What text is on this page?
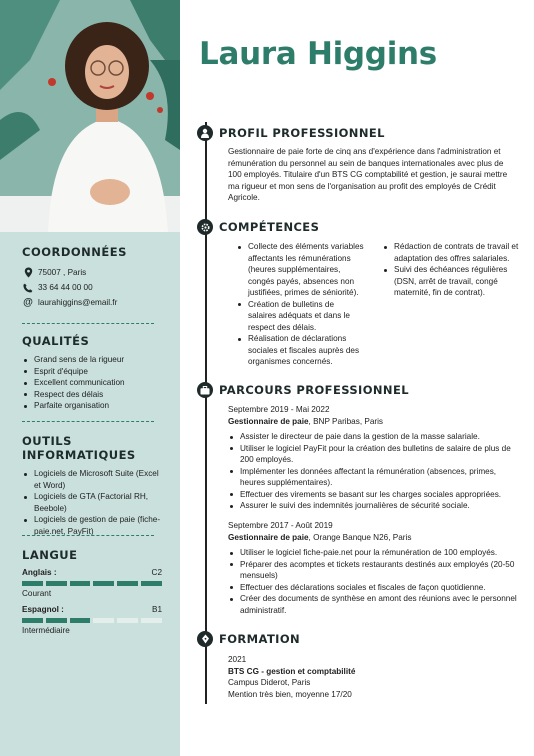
COORDONNÉES

75007 , Paris
33 64 44 00 00
@ laurahiggins@email.fr

QUALITÉS

Grand sens de la rigueur
Esprit d'équipe
Excellent communication
Respect des délais
Parfaite organisation

OUTILS INFORMATIQUES

Logiciels de Microsoft Suite (Excel et Word)
Logiciels de GTA (Factorial RH, Beebole)
Logiciels de gestion de paie (fiche-paie.net, PayFit)

LANGUE

Anglais :	C2
Courant
Espagnol :	B1
Intermédiaire
Laura Higgins
PROFIL PROFESSIONNEL
Gestionnaire de paie forte de cinq ans d'expérience dans l'administration et rémunération du personnel au sein de banques internationales avec plus de 100 employés. Titulaire d'un BTS CG comptabilité et gestion, je saurai mettre ma rigueur et mon sens de l'organisation au profit des employés de Crédit Agricole.
COMPÉTENCES
Collecte des éléments variables affectants les rémunérations (heures supplémentaires, congés payés, absences non justifiées, primes de séniorité).
Création de bulletins de salaires adéquats et dans le respect des délais.
Réalisation de déclarations sociales et fiscales auprès des organismes concernés.
Rédaction de contrats de travail et adaptation des offres salariales.
Suivi des échéances régulières (DSN, arrêt de travail, congé maternité, fin de contrat).
PARCOURS PROFESSIONNEL
Septembre 2019 - Mai 2022
Gestionnaire de paie, BNP Paribas, Paris
Assister le directeur de paie dans la gestion de la masse salariale.
Utiliser le logiciel PayFit pour la création des bulletins de salaire de plus de 200 employés.
Implémenter les données affectant la rémunération (absences, primes, heures supplémentaires).
Effectuer des virements se basant sur les charges sociales appropriées.
Assurer le suivi des indemnités journalières de sécurité sociale.
Septembre 2017 - Août 2019
Gestionnaire de paie, Orange Banque N26, Paris
Utiliser le logiciel fiche-paie.net pour la rémunération de 100 employés.
Préparer des acomptes et tickets restaurants destinés aux employés (20-50 mensuels)
Effectuer des déclarations sociales et fiscales de façon quotidienne.
Créer des documents de synthèse en amont des réunions avec le personnel administratif.
FORMATION
2021
BTS CG - gestion et comptabilité
Campus Diderot, Paris
Mention très bien, moyenne 17/20
